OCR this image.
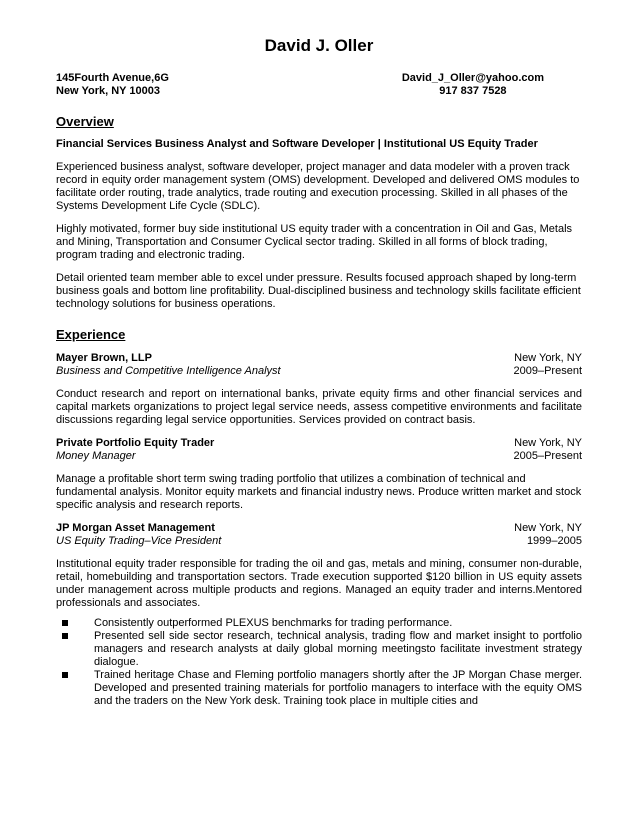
David J. Oller
145Fourth Avenue,6G
New York, NY 10003
David_J_Oller@yahoo.com
917 837 7528
Overview
Financial Services Business Analyst and Software Developer | Institutional US Equity Trader

Experienced business analyst, software developer, project manager and data modeler with a proven track record in equity order management system (OMS) development. Developed and delivered OMS modules to facilitate order routing, trade analytics, trade routing and execution processing. Skilled in all phases of the Systems Development Life Cycle (SDLC).

Highly motivated, former buy side institutional US equity trader with a concentration in Oil and Gas, Metals and Mining, Transportation and Consumer Cyclical sector trading. Skilled in all forms of block trading, program trading and electronic trading.

Detail oriented team member able to excel under pressure. Results focused approach shaped by long-term business goals and bottom line profitability. Dual-disciplined business and technology skills facilitate efficient technology solutions for business operations.

Experience
Mayer Brown, LLP	New York, NY
Business and Competitive Intelligence Analyst	2009–Present

Conduct research and report on international banks, private equity firms and other financial services and capital markets organizations to project legal service needs, assess competitive environments and facilitate discussions regarding legal service opportunities. Services provided on contract basis.

Private Portfolio Equity Trader	New York, NY
Money Manager	2005–Present

Manage a profitable short term swing trading portfolio that utilizes a combination of technical and fundamental analysis. Monitor equity markets and financial industry news. Produce written market and stock specific analysis and research reports.

JP Morgan Asset Management	New York, NY
US Equity Trading–Vice President	1999–2005

Institutional equity trader responsible for trading the oil and gas, metals and mining, consumer non-durable, retail, homebuilding and transportation sectors. Trade execution supported $120 billion in US equity assets under management across multiple products and regions. Managed an equity trader and interns.Mentored professionals and associates.

Consistently outperformed PLEXUS benchmarks for trading performance.
Presented sell side sector research, technical analysis, trading flow and market insight to portfolio managers and research analysts at daily global morning meetingsto facilitate investment strategy dialogue.
Trained heritage Chase and Fleming portfolio managers shortly after the JP Morgan Chase merger. Developed and presented training materials for portfolio managers to interface with the equity OMS and the traders on the New York desk. Training took place in multiple cities and
